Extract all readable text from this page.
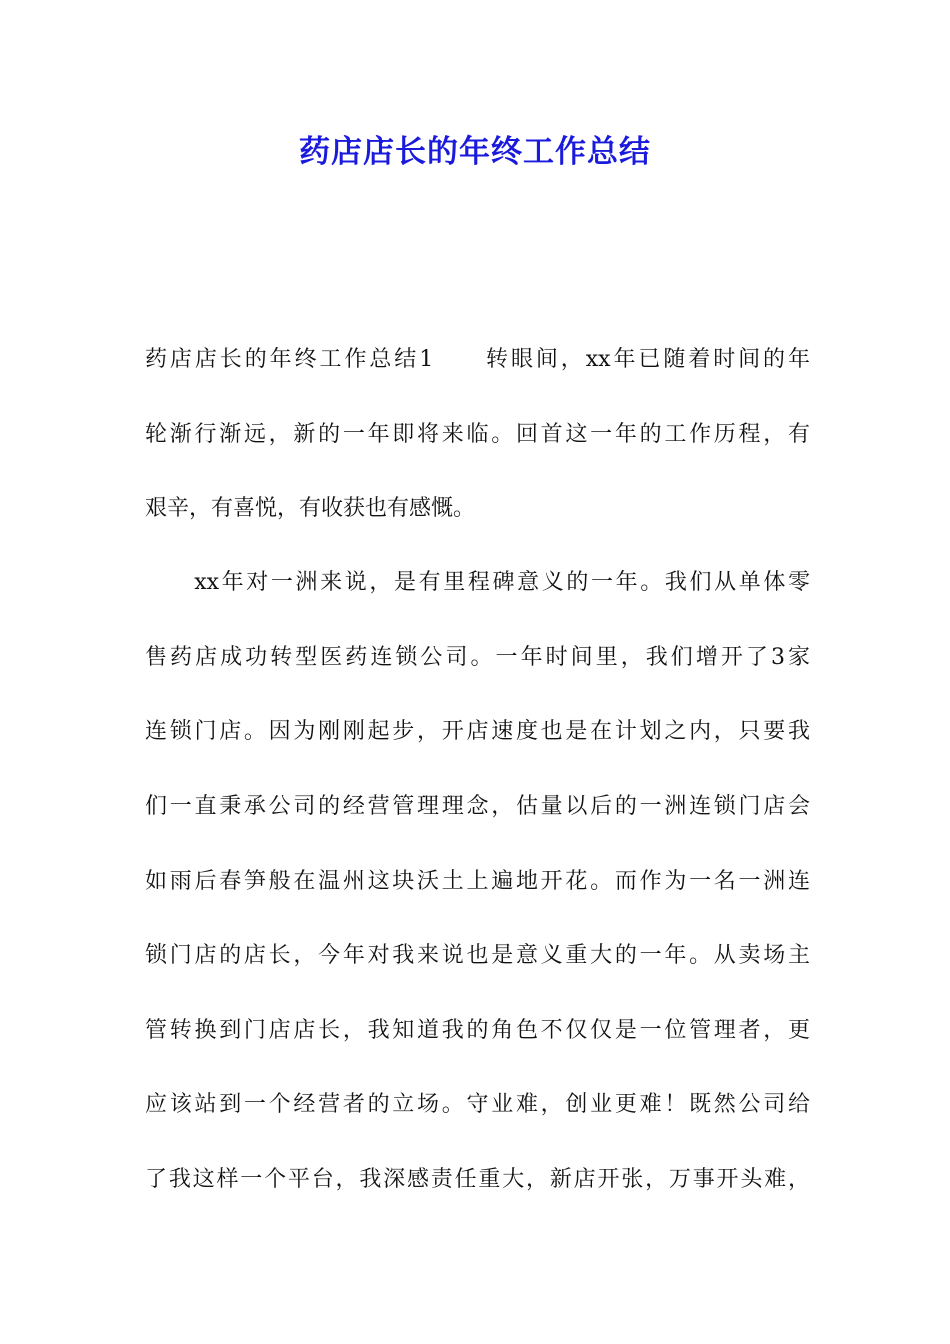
药店店长的年终工作总结
药店店长的年终工作总结1　　转眼间，xx年已随着时间的年
轮渐行渐远，新的一年即将来临。回首这一年的工作历程，有
艰辛，有喜悦，有收获也有感慨。
　　xx年对一洲来说，是有里程碑意义的一年。我们从单体零
售药店成功转型医药连锁公司。一年时间里，我们增开了3家
连锁门店。因为刚刚起步，开店速度也是在计划之内，只要我
们一直秉承公司的经营管理理念，估量以后的一洲连锁门店会
如雨后春笋般在温州这块沃土上遍地开花。而作为一名一洲连
锁门店的店长，今年对我来说也是意义重大的一年。从卖场主
管转换到门店店长，我知道我的角色不仅仅是一位管理者，更
应该站到一个经营者的立场。守业难，创业更难！既然公司给
了我这样一个平台，我深感责任重大，新店开张，万事开头难，
